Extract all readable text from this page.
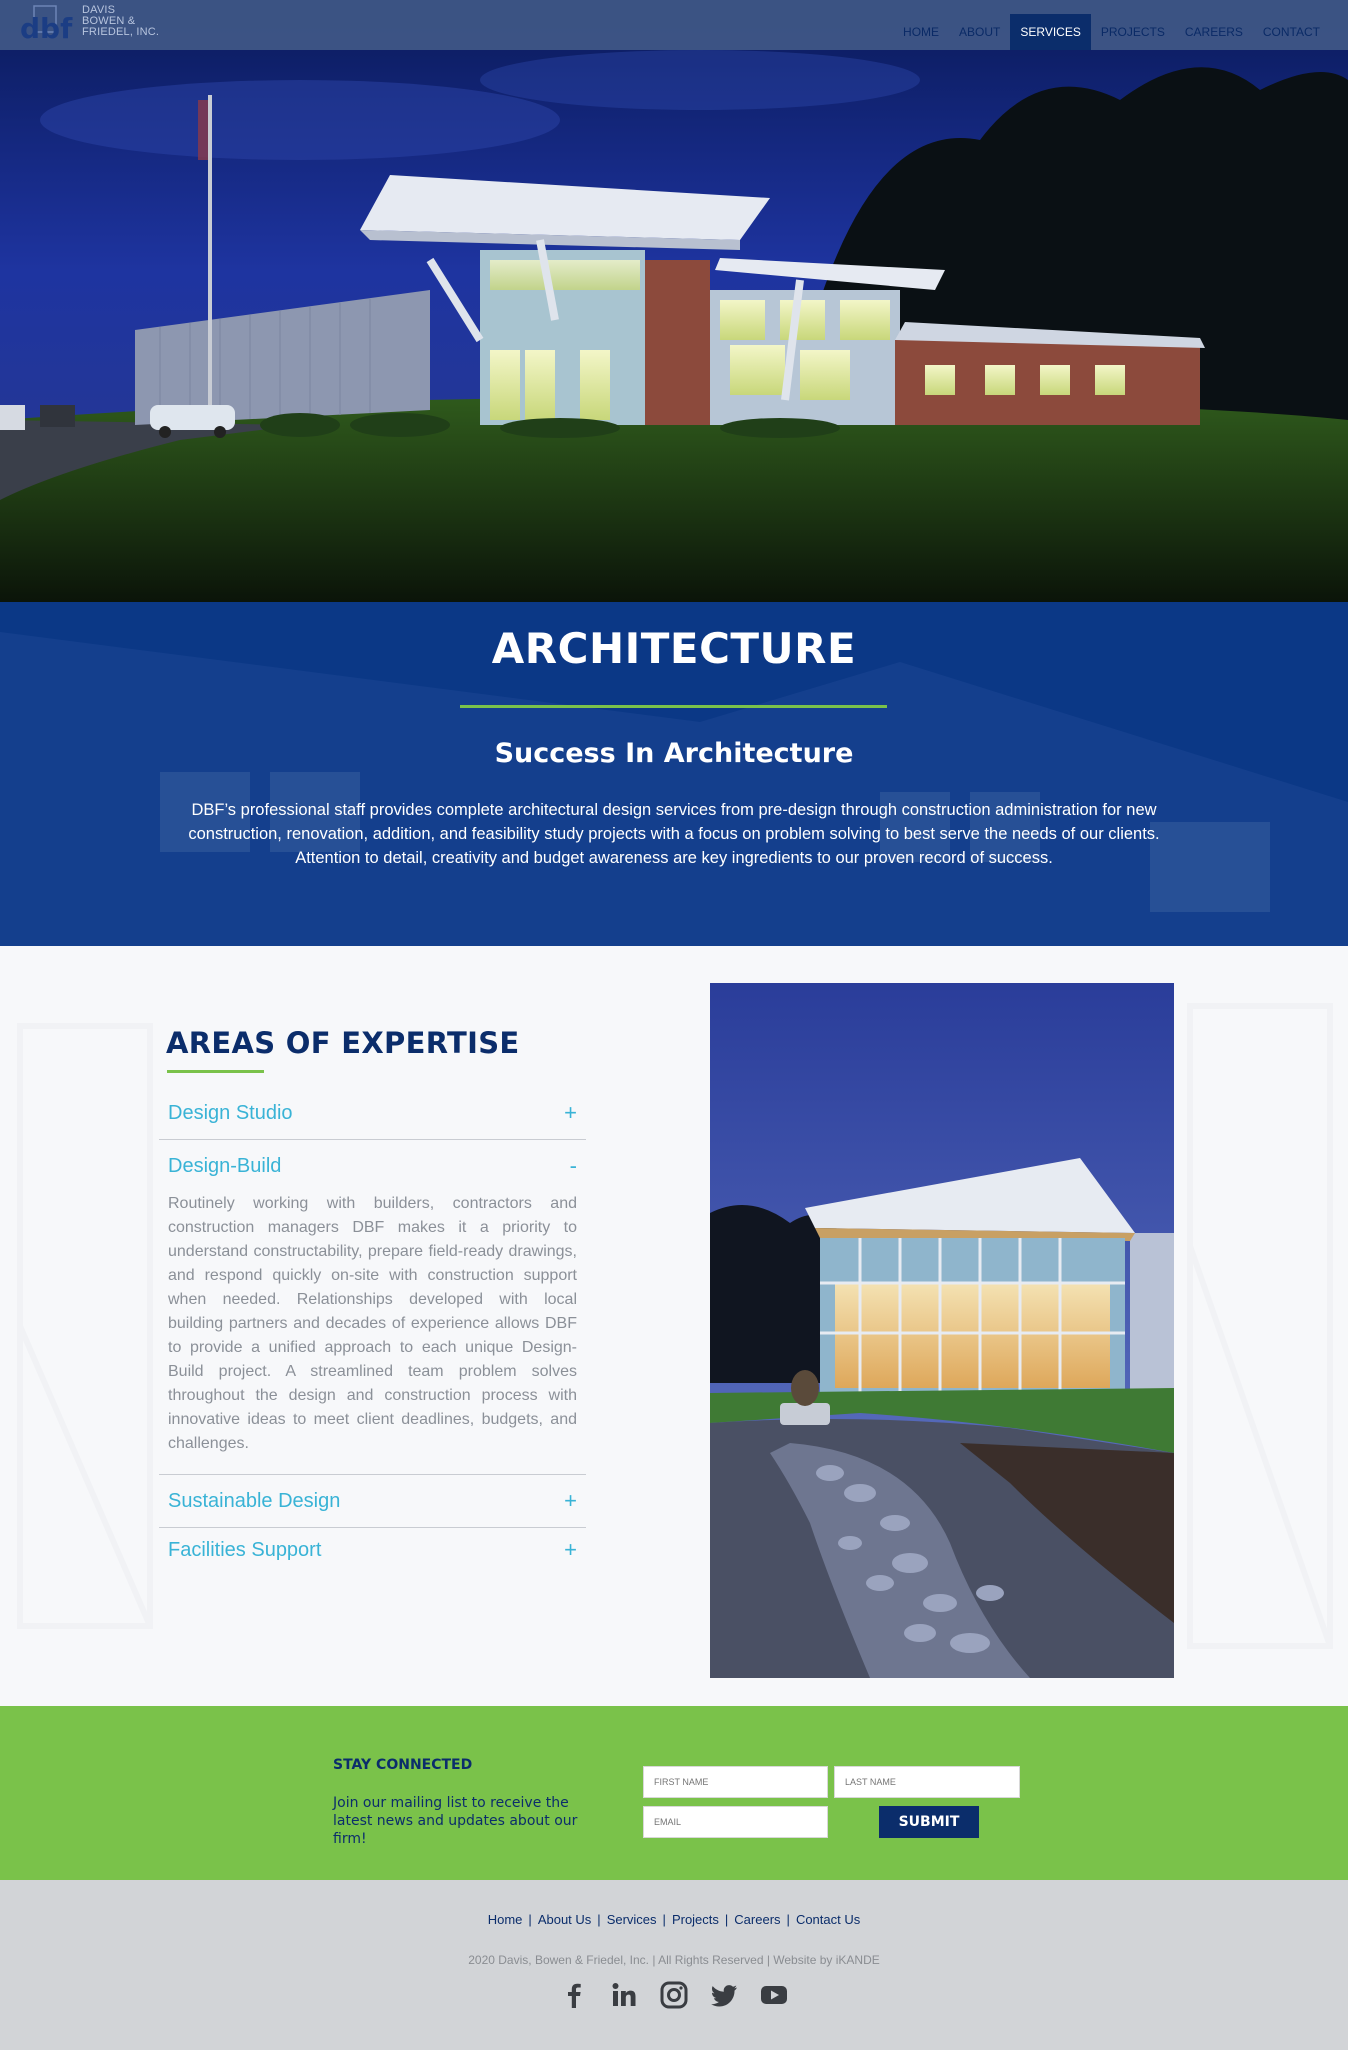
dbf
DAVIS
BOWEN &
FRIEDEL, INC.	HOME	ABOUT	SERVICES	PROJECTS	CAREERS	CONTACT
ARCHITECTURE
Success In Architecture

DBF’s professional staff provides complete architectural design services from pre-design through construction administration for new construction, renovation, addition, and feasibility study projects with a focus on problem solving to best serve the needs of our clients. Attention to detail, creativity and budget awareness are key ingredients to our proven record of success.

AREAS OF EXPERTISE
Design Studio	+
Design-Build	-

Routinely working with builders, contractors and construction managers DBF makes it a priority to understand constructability, prepare field-ready drawings, and respond quickly on-site with construction support when needed. Relationships developed with local building partners and decades of experience allows DBF to provide a unified approach to each unique Design-Build project. A streamlined team problem solves throughout the design and construction process with innovative ideas to meet client deadlines, budgets, and challenges.

Sustainable Design	+
Facilities Support	+
STAY CONNECTED

Join our mailing list to receive the latest news and updates about our firm!

FIRST NAME
LAST NAME
EMAIL
SUBMIT
Home | About Us | Services | Projects | Careers | Contact Us
2020 Davis, Bowen & Friedel, Inc. | All Rights Reserved | Website by iKANDE
